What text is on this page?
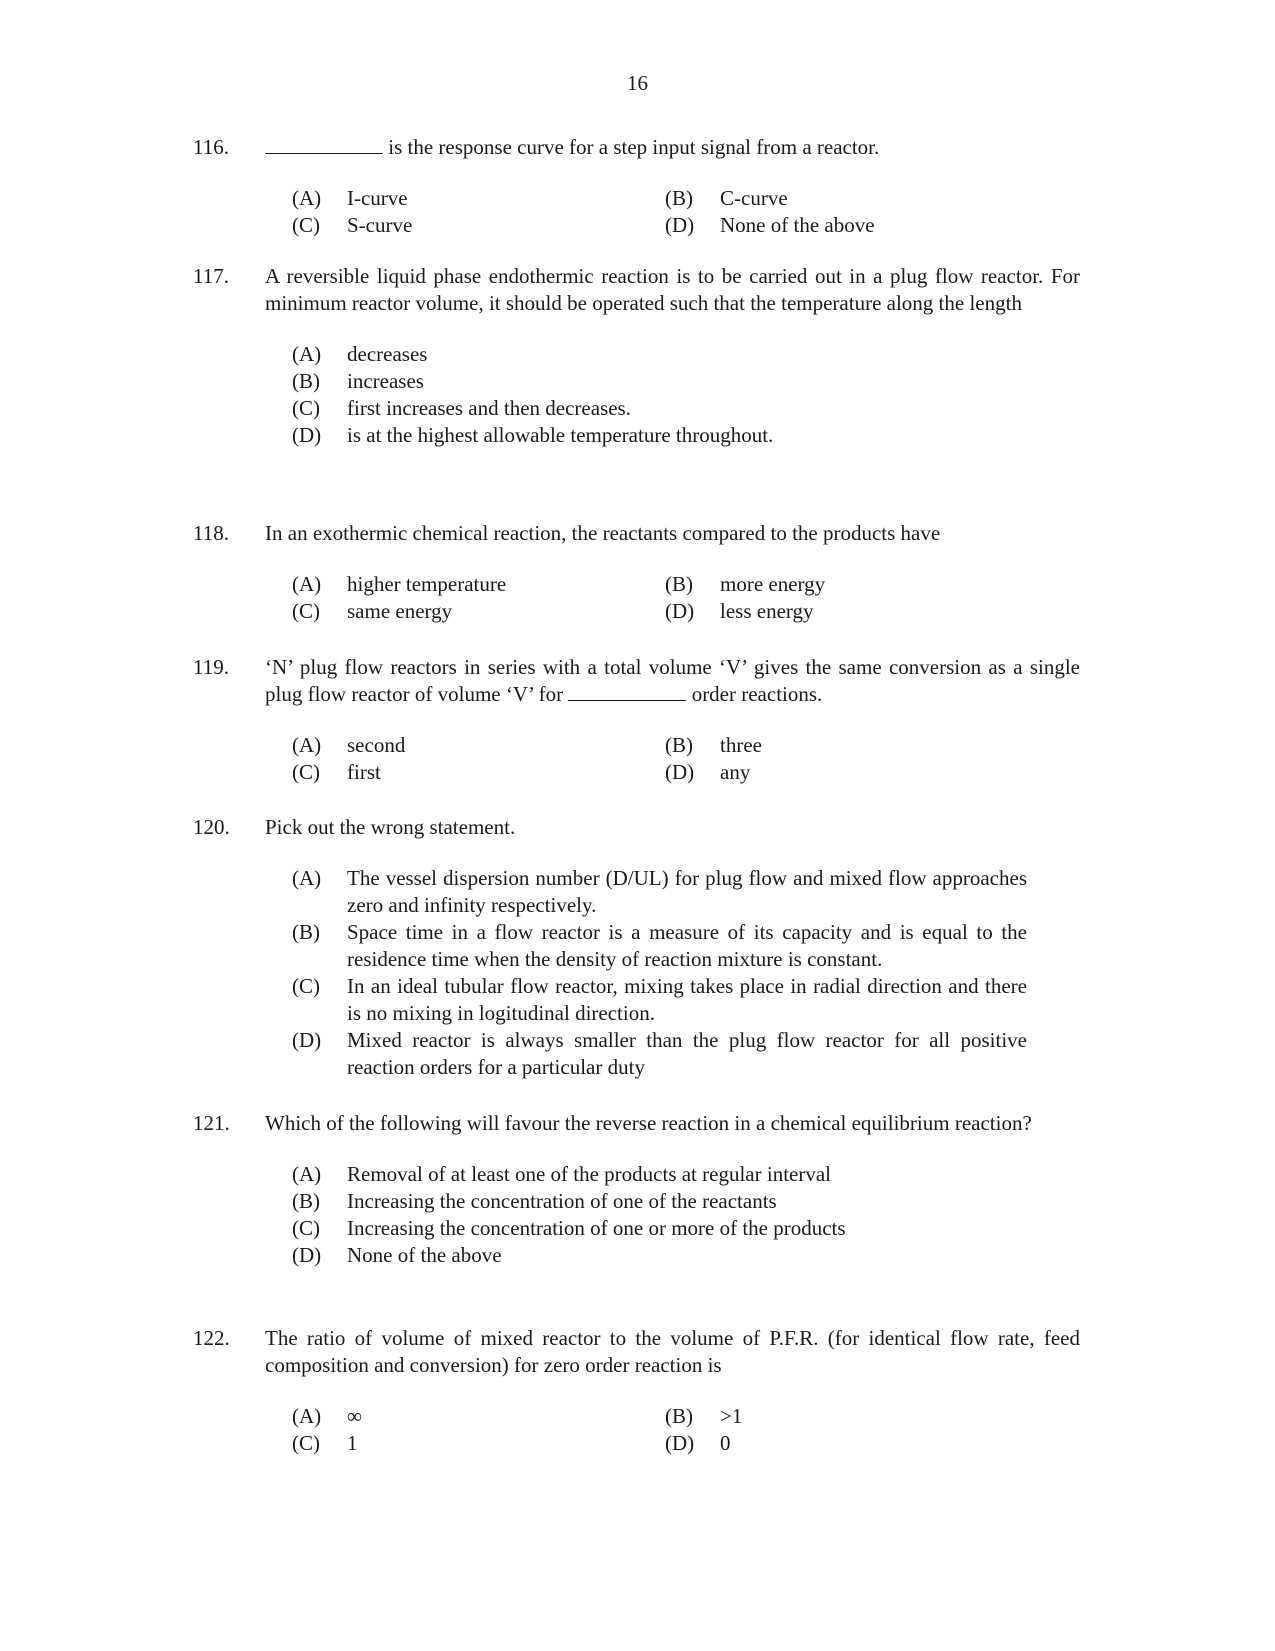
16
116.	is the response curve for a step input signal from a reactor.
(A)	I-curve	(B)	C-curve
(C)	S-curve	(D)	None of the above
117.	A reversible liquid phase endothermic reaction is to be carried out in a plug flow reactor. For minimum reactor volume, it should be operated such that the temperature along the length
(A)	decreases
(B)	increases
(C)	first increases and then decreases.
(D)	is at the highest allowable temperature throughout.
118.	In an exothermic chemical reaction, the reactants compared to the products have
(A)	higher temperature	(B)	more energy
(C)	same energy	(D)	less energy
119.	‘N’ plug flow reactors in series with a total volume ‘V’ gives the same conversion as a single plug flow reactor of volume ‘V’ for	order reactions.
(A)	second	(B)	three
(C)	first	(D)	any
120.	Pick out the wrong statement.
(A)	The vessel dispersion number (D/UL) for plug flow and mixed flow approaches zero and infinity respectively.
(B)	Space time in a flow reactor is a measure of its capacity and is equal to the residence time when the density of reaction mixture is constant.
(C)	In an ideal tubular flow reactor, mixing takes place in radial direction and there is no mixing in logitudinal direction.
(D)	Mixed reactor is always smaller than the plug flow reactor for all positive reaction orders for a particular duty
121.	Which of the following will favour the reverse reaction in a chemical equilibrium reaction?
(A)	Removal of at least one of the products at regular interval
(B)	Increasing the concentration of one of the reactants
(C)	Increasing the concentration of one or more of the products
(D)	None of the above
122.	The ratio of volume of mixed reactor to the volume of P.F.R. (for identical flow rate, feed composition and conversion) for zero order reaction is
(A)	∞	(B)	>1
(C)	1	(D)	0
